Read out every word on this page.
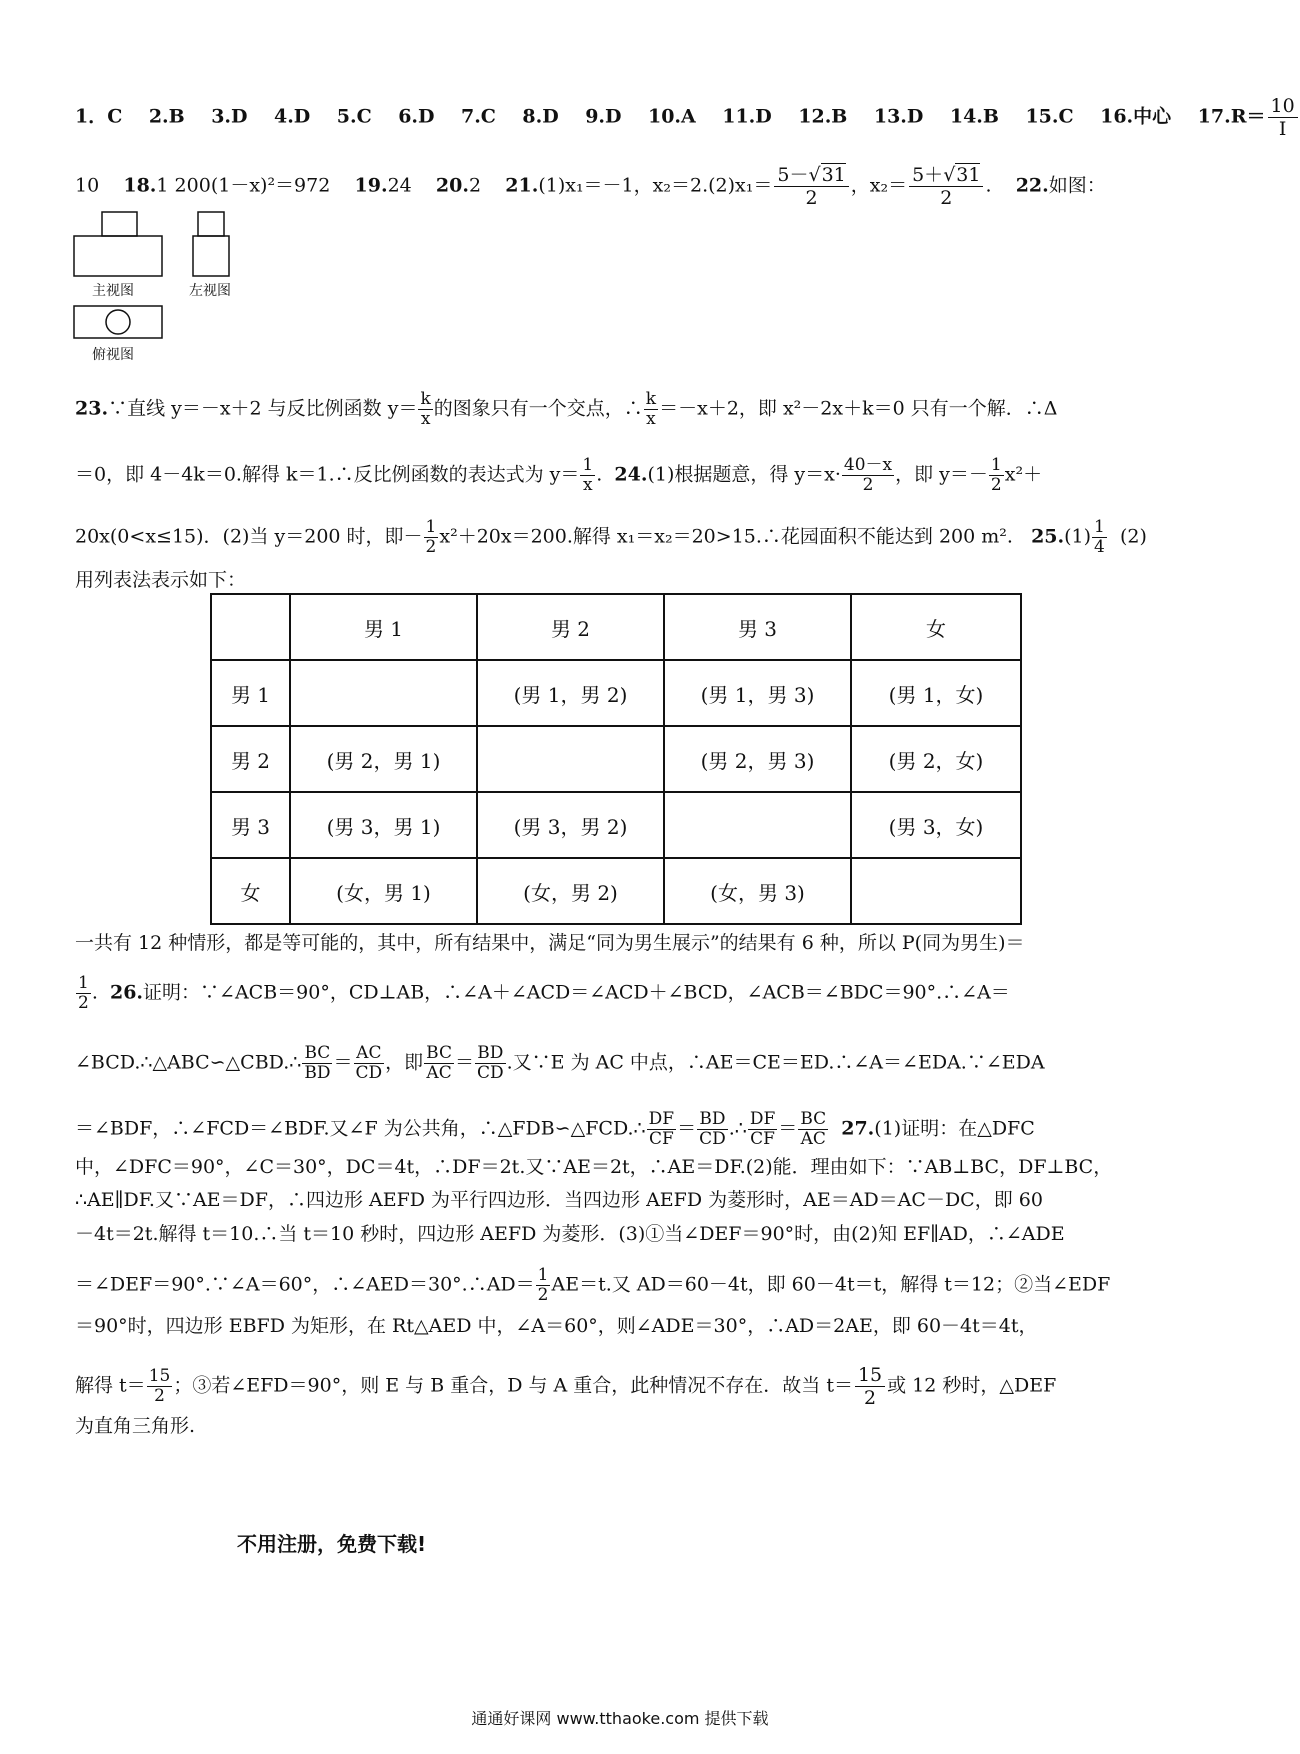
1．C 2.B 3.D 4.D 5.C 6.D 7.C 8.D 9.D 10.A 11.D 12.B 13.D 14.B 15.C 16.中心 $17.R= \frac{10}{I}$
10 18.1 200(1－x)²＝972 19.24 20.2 21.(1)x₁＝－1，$x_2=2.(2)x_1= \frac{5-√31}{2}$ ，$x_2= \frac{5+√31}{2}$ . 22.如图：
主视图	左视图
俯视图
23.∵直线 y＝－x＋2 与反比例函数 $y= \frac{k}{x}$ 的图象只有一个交点，∴ $\frac{k}{x} =-x+2$，即 x²－2x＋k＝0 只有一个解．∴Δ
＝0，即 4－4k＝0.解得 k＝1.∴反比例函数的表达式为 $y= \frac{1}{x}$ . 24.(1)根据题意，得 $y=x\cdot \frac{40-x}{2}$ ，即 $y=- \frac{1}{2} x^2+$
20x(0<x≤15)．(2)当 y＝200 时，即－ $\frac{1}{2} x^2+20x=200$.解得 x₁＝x₂＝20>15.∴花园面积不能达到 200 m². $25.(1) \frac{1}{4} (2)$
用列表法表示如下：
	男 1	男 2	男 3	女
男 1		(男 1，男 2)	(男 1，男 3)	(男 1，女)
男 2	(男 2，男 1)		(男 2，男 3)	(男 2，女)
男 3	(男 3，男 1)	(男 3，男 2)		(男 3，女)
女	(女，男 1)	(女，男 2)	(女，男 3)	
一共有 12 种情形，都是等可能的，其中，所有结果中，满足“同为男生展示”的结果有 6 种，所以 P(同为男生)＝
$\frac{1}{2}$ . 26.证明：∵∠ACB＝90°，CD⊥AB，∴∠A＋∠ACD＝∠ACD＋∠BCD，∠ACB＝∠BDC＝90°.∴∠A＝
∠BCD.∴△ABC∽△CBD.∴ $\frac{BC}{BD} = \frac{AC}{CD}$ ，即 $\frac{BC}{AC} = \frac{BD}{CD}$ .又∵E 为 AC 中点，∴AE＝CE＝ED.∴∠A＝∠EDA.∵∠EDA
＝∠BDF，∴∠FCD＝∠BDF.又∠F 为公共角，∴△FDB∽△FCD.∴ $\frac{DF}{CF} = \frac{BD}{CD}$ .∴ $\frac{DF}{CF} = \frac{BC}{AC} 27.(1)$证明：在△DFC
中，∠DFC＝90°，∠C＝30°，DC＝4t，∴DF＝2t.又∵AE＝2t，∴AE＝DF.(2)能．理由如下：∵AB⊥BC，DF⊥BC，
∴AE∥DF.又∵AE＝DF，∴四边形 AEFD 为平行四边形．当四边形 AEFD 为菱形时，AE＝AD＝AC－DC，即 60
－4t＝2t.解得 t＝10.∴当 t＝10 秒时，四边形 AEFD 为菱形．(3)①当∠DEF＝90°时，由(2)知 EF∥AD，∴∠ADE
＝∠DEF＝90°.∵∠A＝60°，∴∠AED＝30°.∴AD＝ $\frac{1}{2} AE=t$.又 AD＝60－4t，即 60－4t＝t，解得 t＝12；②当∠EDF
＝90°时，四边形 EBFD 为矩形，在 Rt△AED 中，∠A＝60°，则∠ADE＝30°，∴AD＝2AE，即 60－4t＝4t，
解得 $t= \frac{15}{2}$ ；③若∠EFD＝90°，则 E 与 B 重合，D 与 A 重合，此种情况不存在．故当 $t= \frac{15}{2}$ 或 12 秒时，△DEF
为直角三角形.
不用注册，免费下载!
通通好课网 www.tthaoke.com 提供下载
